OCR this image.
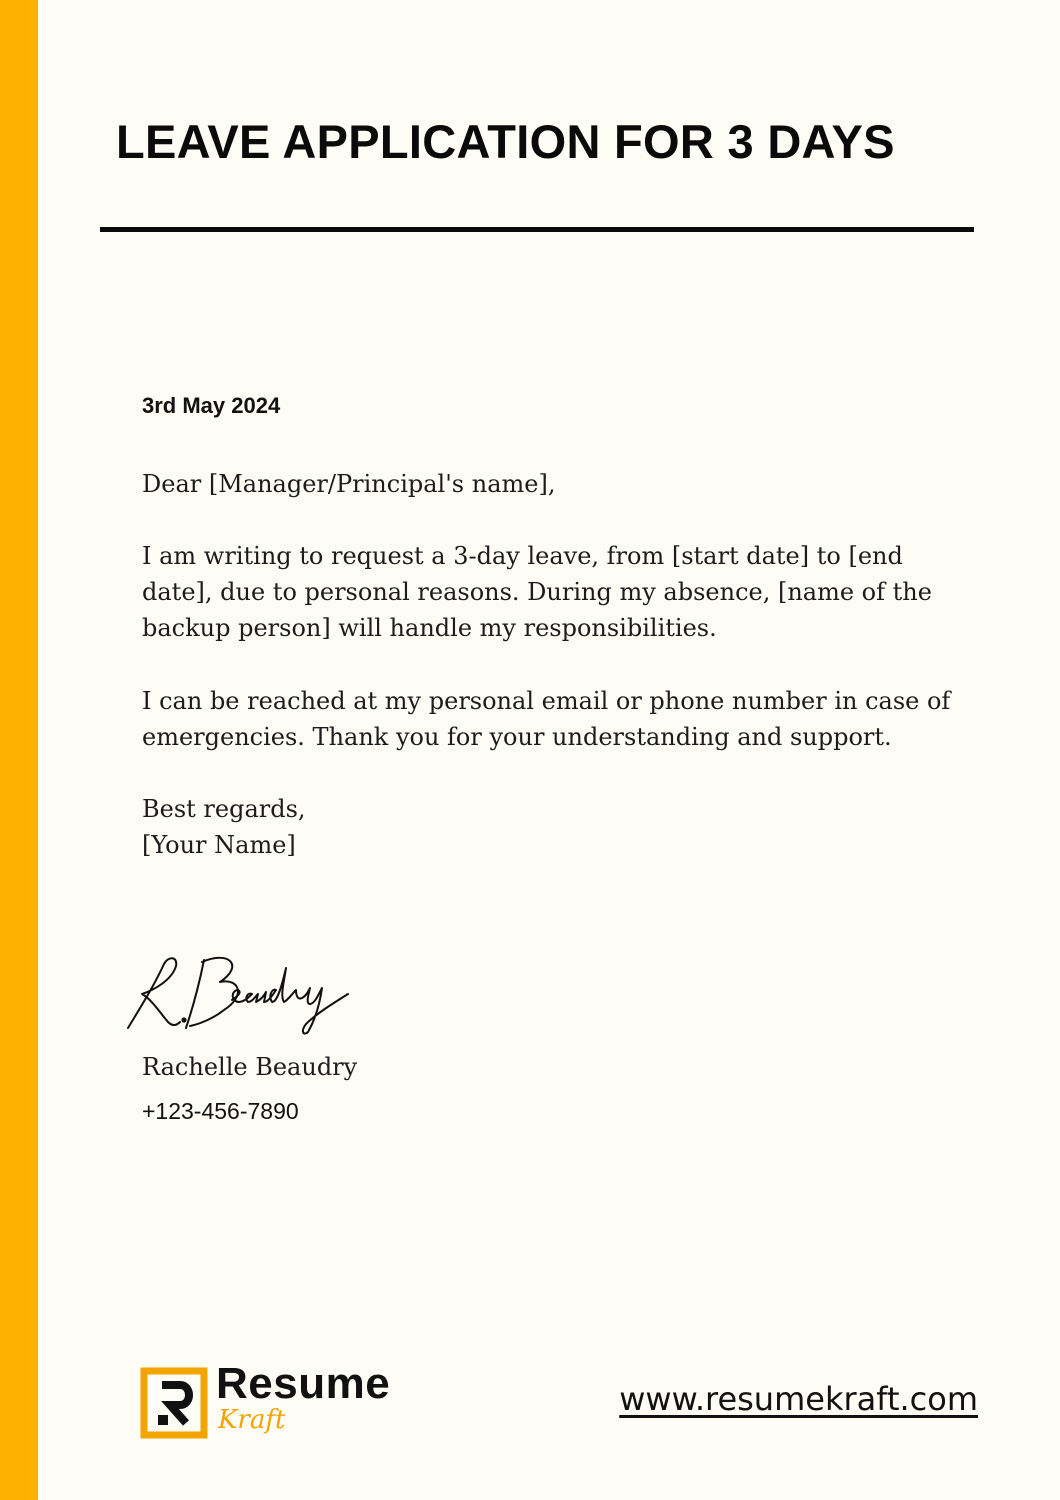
LEAVE APPLICATION FOR 3 DAYS
3rd May 2024

Dear [Manager/Principal's name],

I am writing to request a 3-day leave, from [start date] to [end date], due to personal reasons. During my absence, [name of the backup person] will handle my responsibilities.

I can be reached at my personal email or phone number in case of emergencies. Thank you for your understanding and support.

Best regards,
[Your Name]

Rachelle Beaudry
+123-456-7890
Resume
Kraft
www.resumekraft.com
